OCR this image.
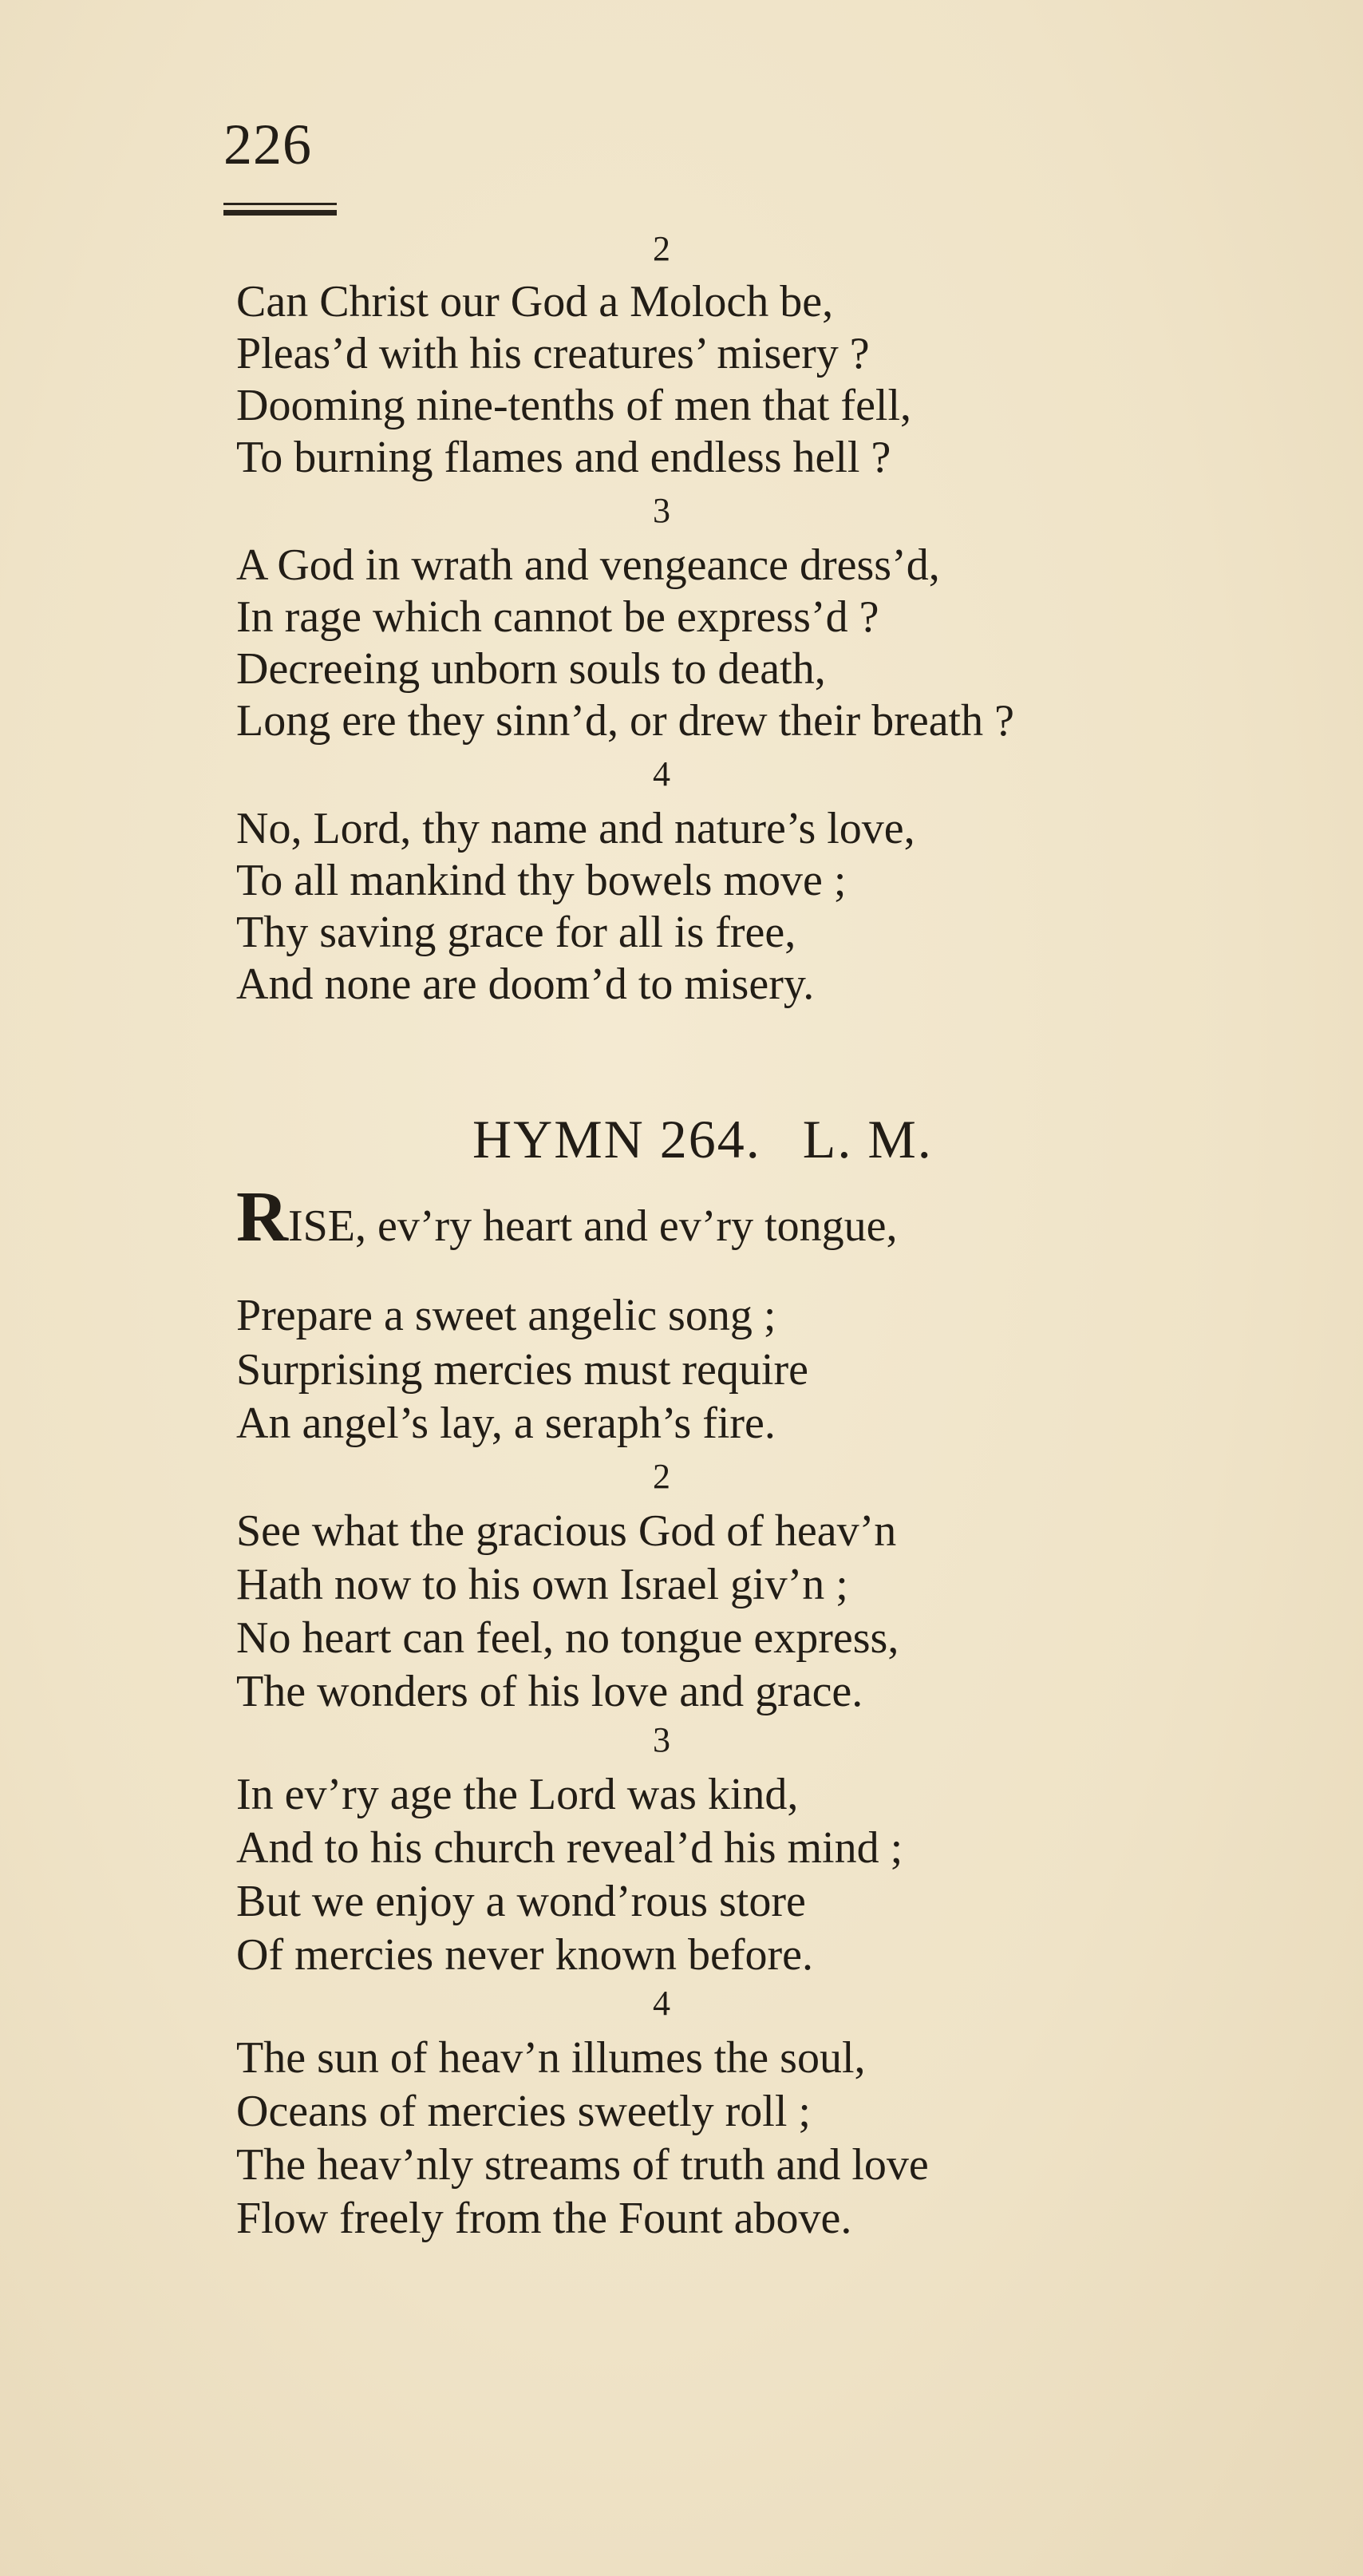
226
2
Can Christ our God a Moloch be,
Pleas’d with his creatures’ misery ?
Dooming nine-tenths of men that fell,
To burning flames and endless hell ?
3
A God in wrath and vengeance dress’d,
In rage which cannot be express’d ?
Decreeing unborn souls to death,
Long ere they sinn’d, or drew their breath ?
4
No, Lord, thy name and nature’s love,
To all mankind thy bowels move ;
Thy saving grace for all is free,
And none are doom’d to misery.
HYMN 264. L. M.
RISE, ev’ry heart and ev’ry tongue,
Prepare a sweet angelic song ;
Surprising mercies must require
An angel’s lay, a seraph’s fire.
2
See what the gracious God of heav’n
Hath now to his own Israel giv’n ;
No heart can feel, no tongue express,
The wonders of his love and grace.
3
In ev’ry age the Lord was kind,
And to his church reveal’d his mind ;
But we enjoy a wond’rous store
Of mercies never known before.
4
The sun of heav’n illumes the soul,
Oceans of mercies sweetly roll ;
The heav’nly streams of truth and love
Flow freely from the Fount above.
